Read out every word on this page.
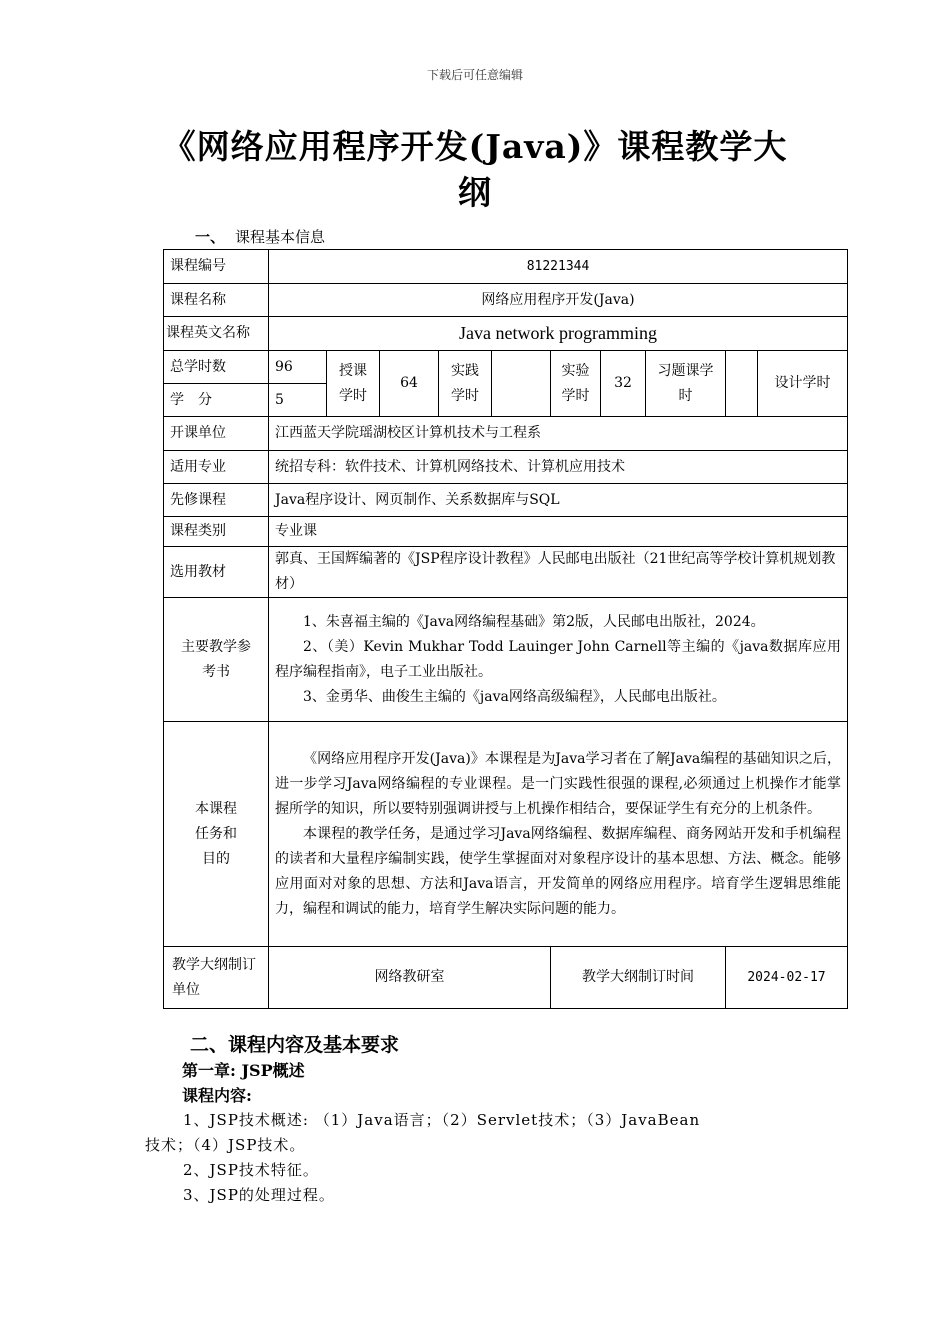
下载后可任意编辑
《网络应用程序开发(Java)》课程教学大纲
一、 课程基本信息
课程编号	81221344									
课程名称	网络应用程序开发(Java)									
课程英文名称	Java network programming									
总学时数	96	授课学时	64	实践学时		实验学时	32	习题课学 时		设计学时
学　分	5									
开课单位	江西蓝天学院瑶湖校区计算机技术与工程系									
适用专业	统招专科：软件技术、计算机网络技术、计算机应用技术									
先修课程	Java程序设计、网页制作、关系数据库与SQL									
课程类别	专业课									
选用教材	郭真、王国辉编著的《JSP程序设计教程》人民邮电出版社（21世纪高等学校计算机规划教材）									
主要教学参考书	1、朱喜福主编的《Java网络编程基础》第2版，人民邮电出版社，2024。
2、（美）Kevin Mukhar Todd Lauinger John Carnell等主编的《java数据库应用程序编程指南》，电子工业出版社。
3、金勇华、曲俊生主编的《java网络高级编程》，人民邮电出版社。									

本课程任务和目的	《网络应用程序开发(Java)》本课程是为Java学习者在了解Java编程的基础知识之后，进一步学习Java网络编程的专业课程。是一门实践性很强的课程,必须通过上机操作才能掌握所学的知识，所以要特别强调讲授与上机操作相结合，要保证学生有充分的上机条件。
本课程的教学任务，是通过学习Java网络编程、数据库编程、商务网站开发和手机编程的读者和大量程序编制实践，使学生掌握面对对象程序设计的基本思想、方法、概念。能够应用面对对象的思想、方法和Java语言，开发简单的网络应用程序。培育学生逻辑思维能力，编程和调试的能力，培育学生解决实际问题的能力。									

教学大纲制订单位	网络教研室					教学大纲制订时间			2024-02-17	
二、课程内容及基本要求
第一章: JSP概述
课程内容:

1、JSP技术概述: （1）Java语言；（2）Servlet技术；（3）JavaBean

技术；（4）JSP技术。

2、JSP技术特征。

3、JSP的处理过程。
